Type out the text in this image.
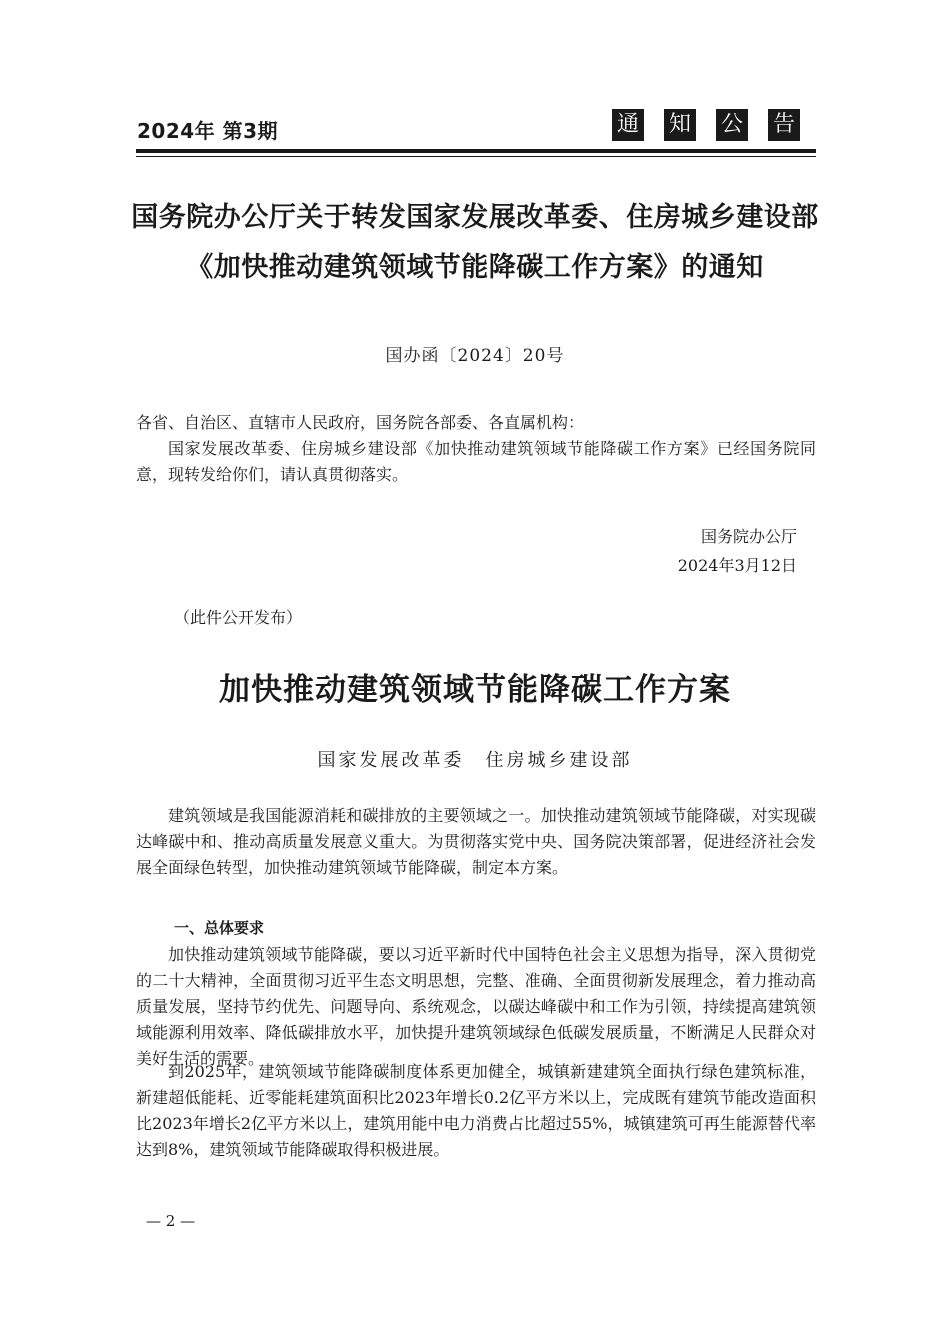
2024年 第3期	通 知 公 告
国务院办公厅关于转发国家发展改革委、住房城乡建设部
《加快推动建筑领域节能降碳工作方案》的通知
国办函〔2024〕20号
各省、自治区、直辖市人民政府，国务院各部委、各直属机构：
国家发展改革委、住房城乡建设部《加快推动建筑领域节能降碳工作方案》已经国务院同意，现转发给你们，请认真贯彻落实。
国务院办公厅
2024年3月12日
（此件公开发布）
加快推动建筑领域节能降碳工作方案
国家发展改革委　住房城乡建设部
建筑领域是我国能源消耗和碳排放的主要领域之一。加快推动建筑领域节能降碳，对实现碳达峰碳中和、推动高质量发展意义重大。为贯彻落实党中央、国务院决策部署，促进经济社会发展全面绿色转型，加快推动建筑领域节能降碳，制定本方案。
一、总体要求
加快推动建筑领域节能降碳，要以习近平新时代中国特色社会主义思想为指导，深入贯彻党的二十大精神，全面贯彻习近平生态文明思想，完整、准确、全面贯彻新发展理念，着力推动高质量发展，坚持节约优先、问题导向、系统观念，以碳达峰碳中和工作为引领，持续提高建筑领域能源利用效率、降低碳排放水平，加快提升建筑领域绿色低碳发展质量，不断满足人民群众对美好生活的需要。
到2025年，建筑领域节能降碳制度体系更加健全，城镇新建建筑全面执行绿色建筑标准，新建超低能耗、近零能耗建筑面积比2023年增长0.2亿平方米以上，完成既有建筑节能改造面积比2023年增长2亿平方米以上，建筑用能中电力消费占比超过55%，城镇建筑可再生能源替代率达到8%，建筑领域节能降碳取得积极进展。
— 2 —
